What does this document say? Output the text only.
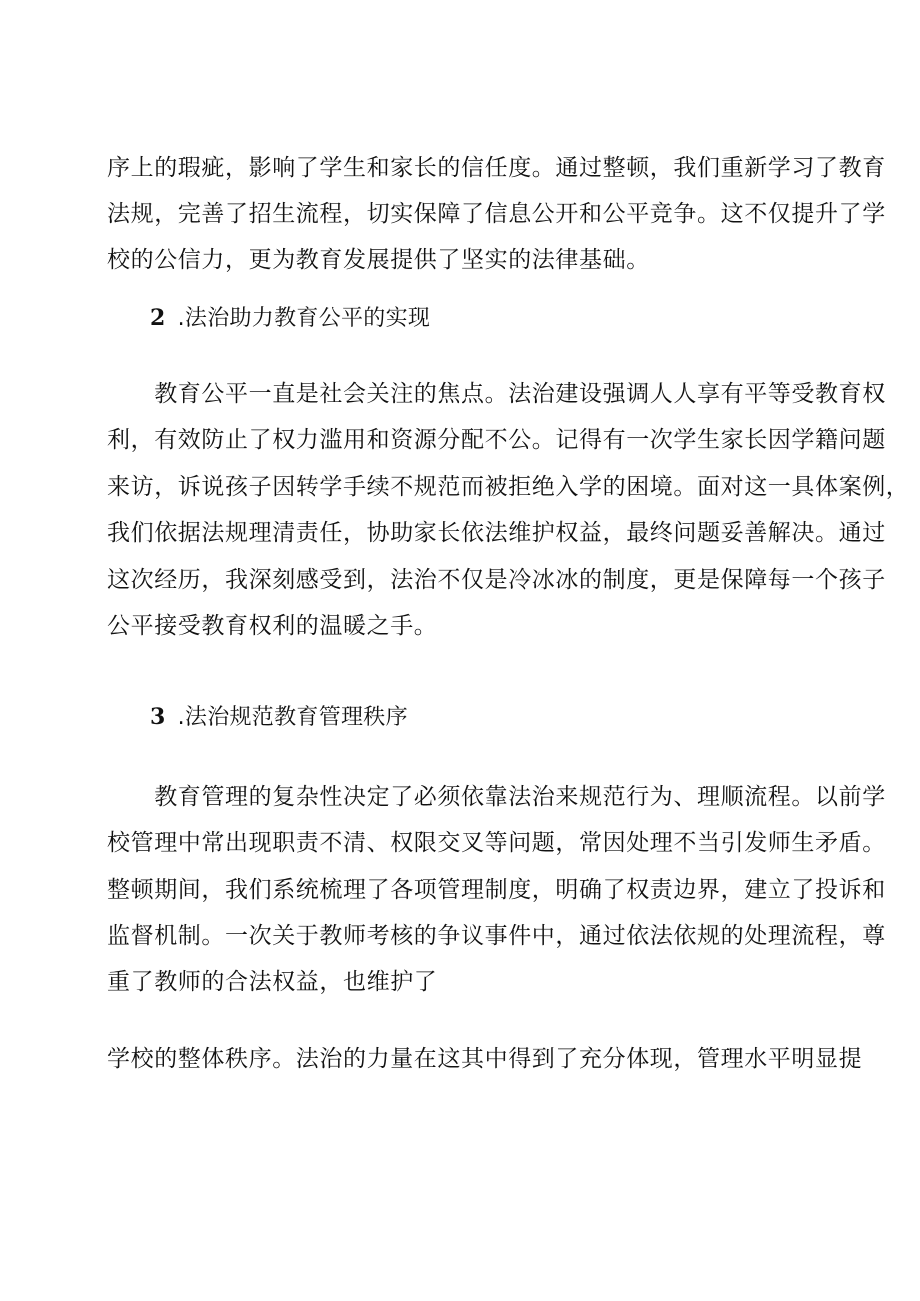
序上的瑕疵，影响了学生和家长的信任度。通过整顿，我们重新学习了教育
法规，完善了招生流程，切实保障了信息公开和公平竞争。这不仅提升了学
校的公信力，更为教育发展提供了坚实的法律基础。
2 .法治助力教育公平的实现
　　教育公平一直是社会关注的焦点。法治建设强调人人享有平等受教育权
利，有效防止了权力滥用和资源分配不公。记得有一次学生家长因学籍问题
来访，诉说孩子因转学手续不规范而被拒绝入学的困境。面对这一具体案例，
我们依据法规理清责任，协助家长依法维护权益，最终问题妥善解决。通过
这次经历，我深刻感受到，法治不仅是冷冰冰的制度，更是保障每一个孩子
公平接受教育权利的温暖之手。
3 .法治规范教育管理秩序
　　教育管理的复杂性决定了必须依靠法治来规范行为、理顺流程。以前学
校管理中常出现职责不清、权限交叉等问题，常因处理不当引发师生矛盾。
整顿期间，我们系统梳理了各项管理制度，明确了权责边界，建立了投诉和
监督机制。一次关于教师考核的争议事件中，通过依法依规的处理流程，尊
重了教师的合法权益，也维护了
学校的整体秩序。法治的力量在这其中得到了充分体现，管理水平明显提
